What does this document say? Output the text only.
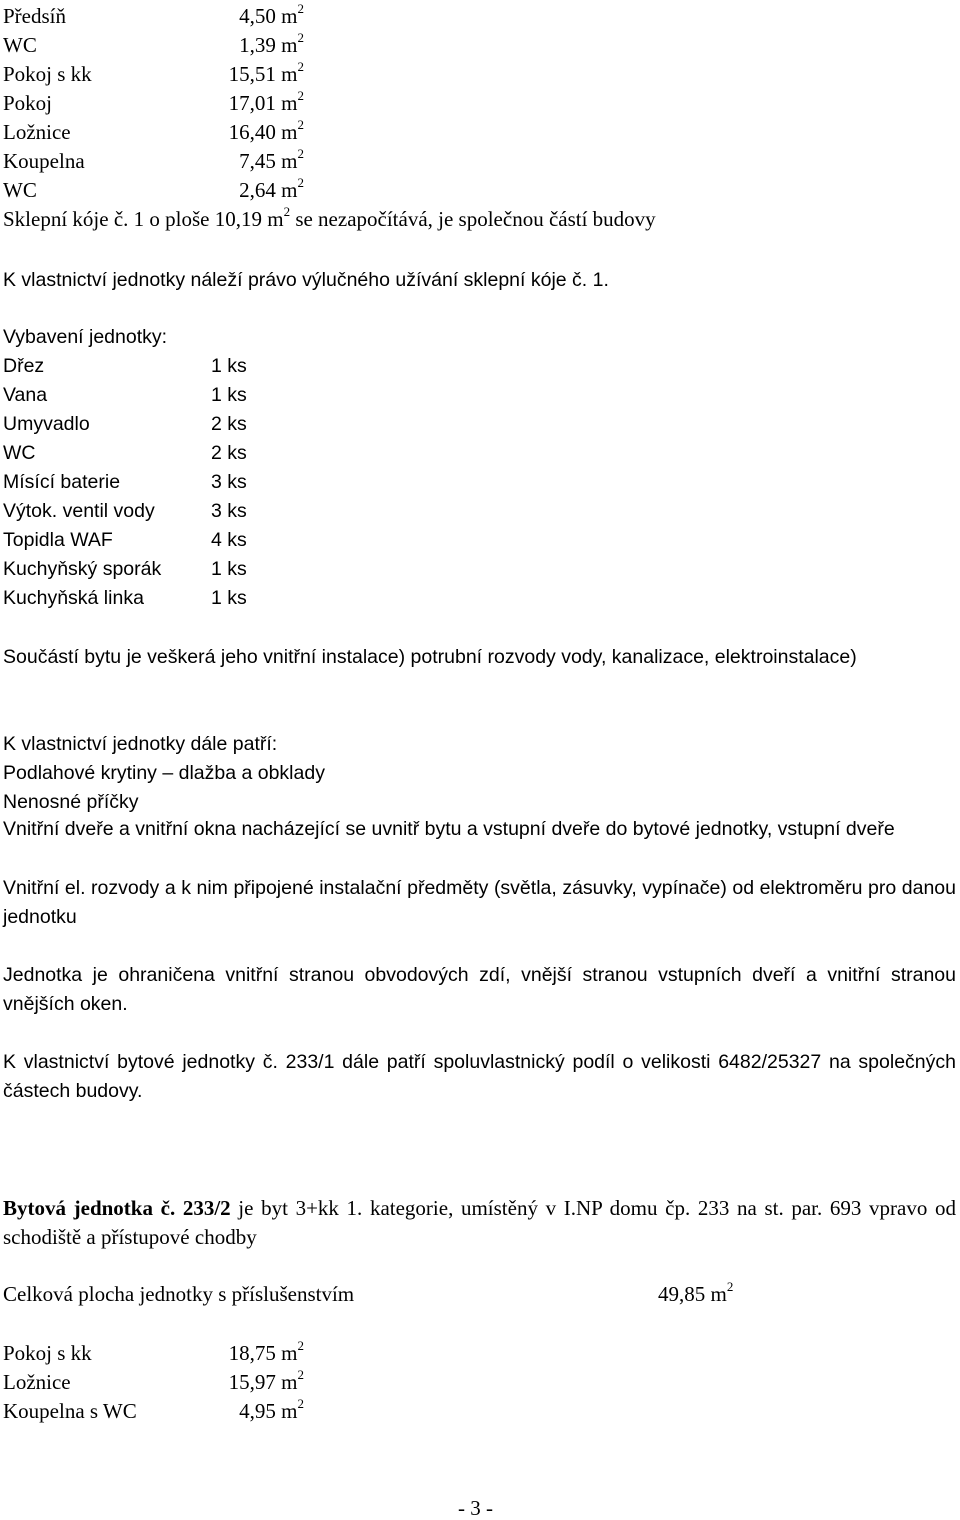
Předsíň	4,50 $m^2$
WC	1,39 $m^2$
Pokoj s kk	15,51 $m^2$
Pokoj	17,01 $m^2$
Ložnice	16,40 $m^2$
Koupelna	7,45 $m^2$
WC	2,64 $m^2$
Sklepní kóje č. 1 o ploše 10,19 $m^2$ se nezapočítává, je společnou částí budovy
K vlastnictví jednotky náleží právo výlučného užívání sklepní kóje č. 1.
Vybavení jednotky:
Dřez	1 ks
Vana	1 ks
Umyvadlo	2 ks
WC	2 ks
Mísící baterie	3 ks
Výtok. ventil vody	3 ks
Topidla WAF	4 ks
Kuchyňský sporák	1 ks
Kuchyňská linka	1 ks
Součástí bytu je veškerá jeho vnitřní instalace) potrubní rozvody vody, kanalizace, elektroinstalace)
K vlastnictví jednotky dále patří:
Podlahové krytiny – dlažba a obklady
Nenosné příčky
Vnitřní dveře a vnitřní okna nacházející se uvnitř bytu a vstupní dveře do bytové jednotky, vstupní dveře
Vnitřní el. rozvody a k nim připojené instalační předměty (světla, zásuvky, vypínače) od elektroměru pro danou jednotku
Jednotka je ohraničena vnitřní stranou obvodových zdí, vnější stranou vstupních dveří a vnitřní stranou vnějších oken.
K vlastnictví bytové jednotky č. 233/1 dále patří spoluvlastnický podíl o velikosti 6482/25327 na společných částech budovy.
Bytová jednotka č. 233/2 je byt 3+kk 1. kategorie, umístěný v I.NP domu čp. 233 na st. par. 693 vpravo od schodiště a přístupové chodby
Celková plocha jednotky s příslušenstvím	49,85 $m^2$
Pokoj s kk	18,75 $m^2$
Ložnice	15,97 $m^2$
Koupelna s WC	4,95 $m^2$
- 3 -
